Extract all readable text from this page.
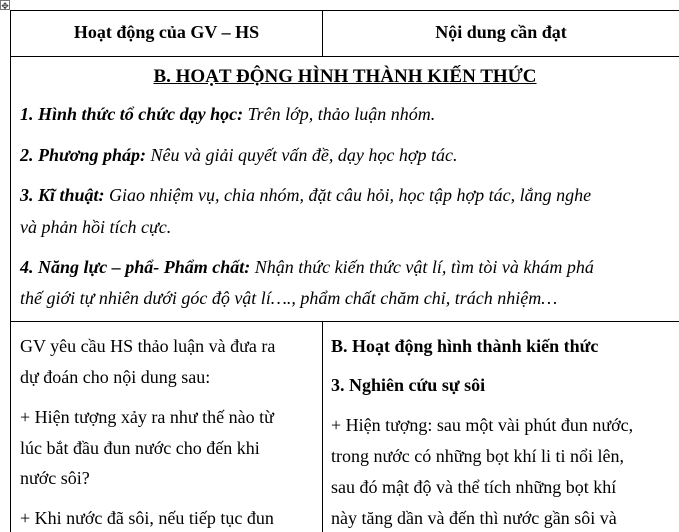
✥
Hoạt động của GV – HS	Nội dung cần đạt
B. HOẠT ĐỘNG HÌNH THÀNH KIẾN THỨC
1. Hình thức tổ chức dạy học: Trên lớp, thảo luận nhóm.
2. Phương pháp: Nêu và giải quyết vấn đề, dạy học hợp tác.
3. Kĩ thuật: Giao nhiệm vụ, chia nhóm, đặt câu hỏi, học tập hợp tác, lắng nghe
và phản hồi tích cực.
4. Năng lực – phẩ- Phẩm chất: Nhận thức kiến thức vật lí, tìm tòi và khám phá
thế giới tự nhiên dưới góc độ vật lí…., phẩm chất chăm chỉ, trách nhiệm…
GV yêu cầu HS thảo luận và đưa ra
dự đoán cho nội dung sau:
+ Hiện tượng xảy ra như thế nào từ
lúc bắt đầu đun nước cho đến khi
nước sôi?
+ Khi nước đã sôi, nếu tiếp tục đun
B. Hoạt động hình thành kiến thức
3. Nghiên cứu sự sôi
+ Hiện tượng: sau một vài phút đun nước,
trong nước có những bọt khí li ti nổi lên,
sau đó mật độ và thể tích những bọt khí
này tăng dần và đến thì nước gần sôi và
